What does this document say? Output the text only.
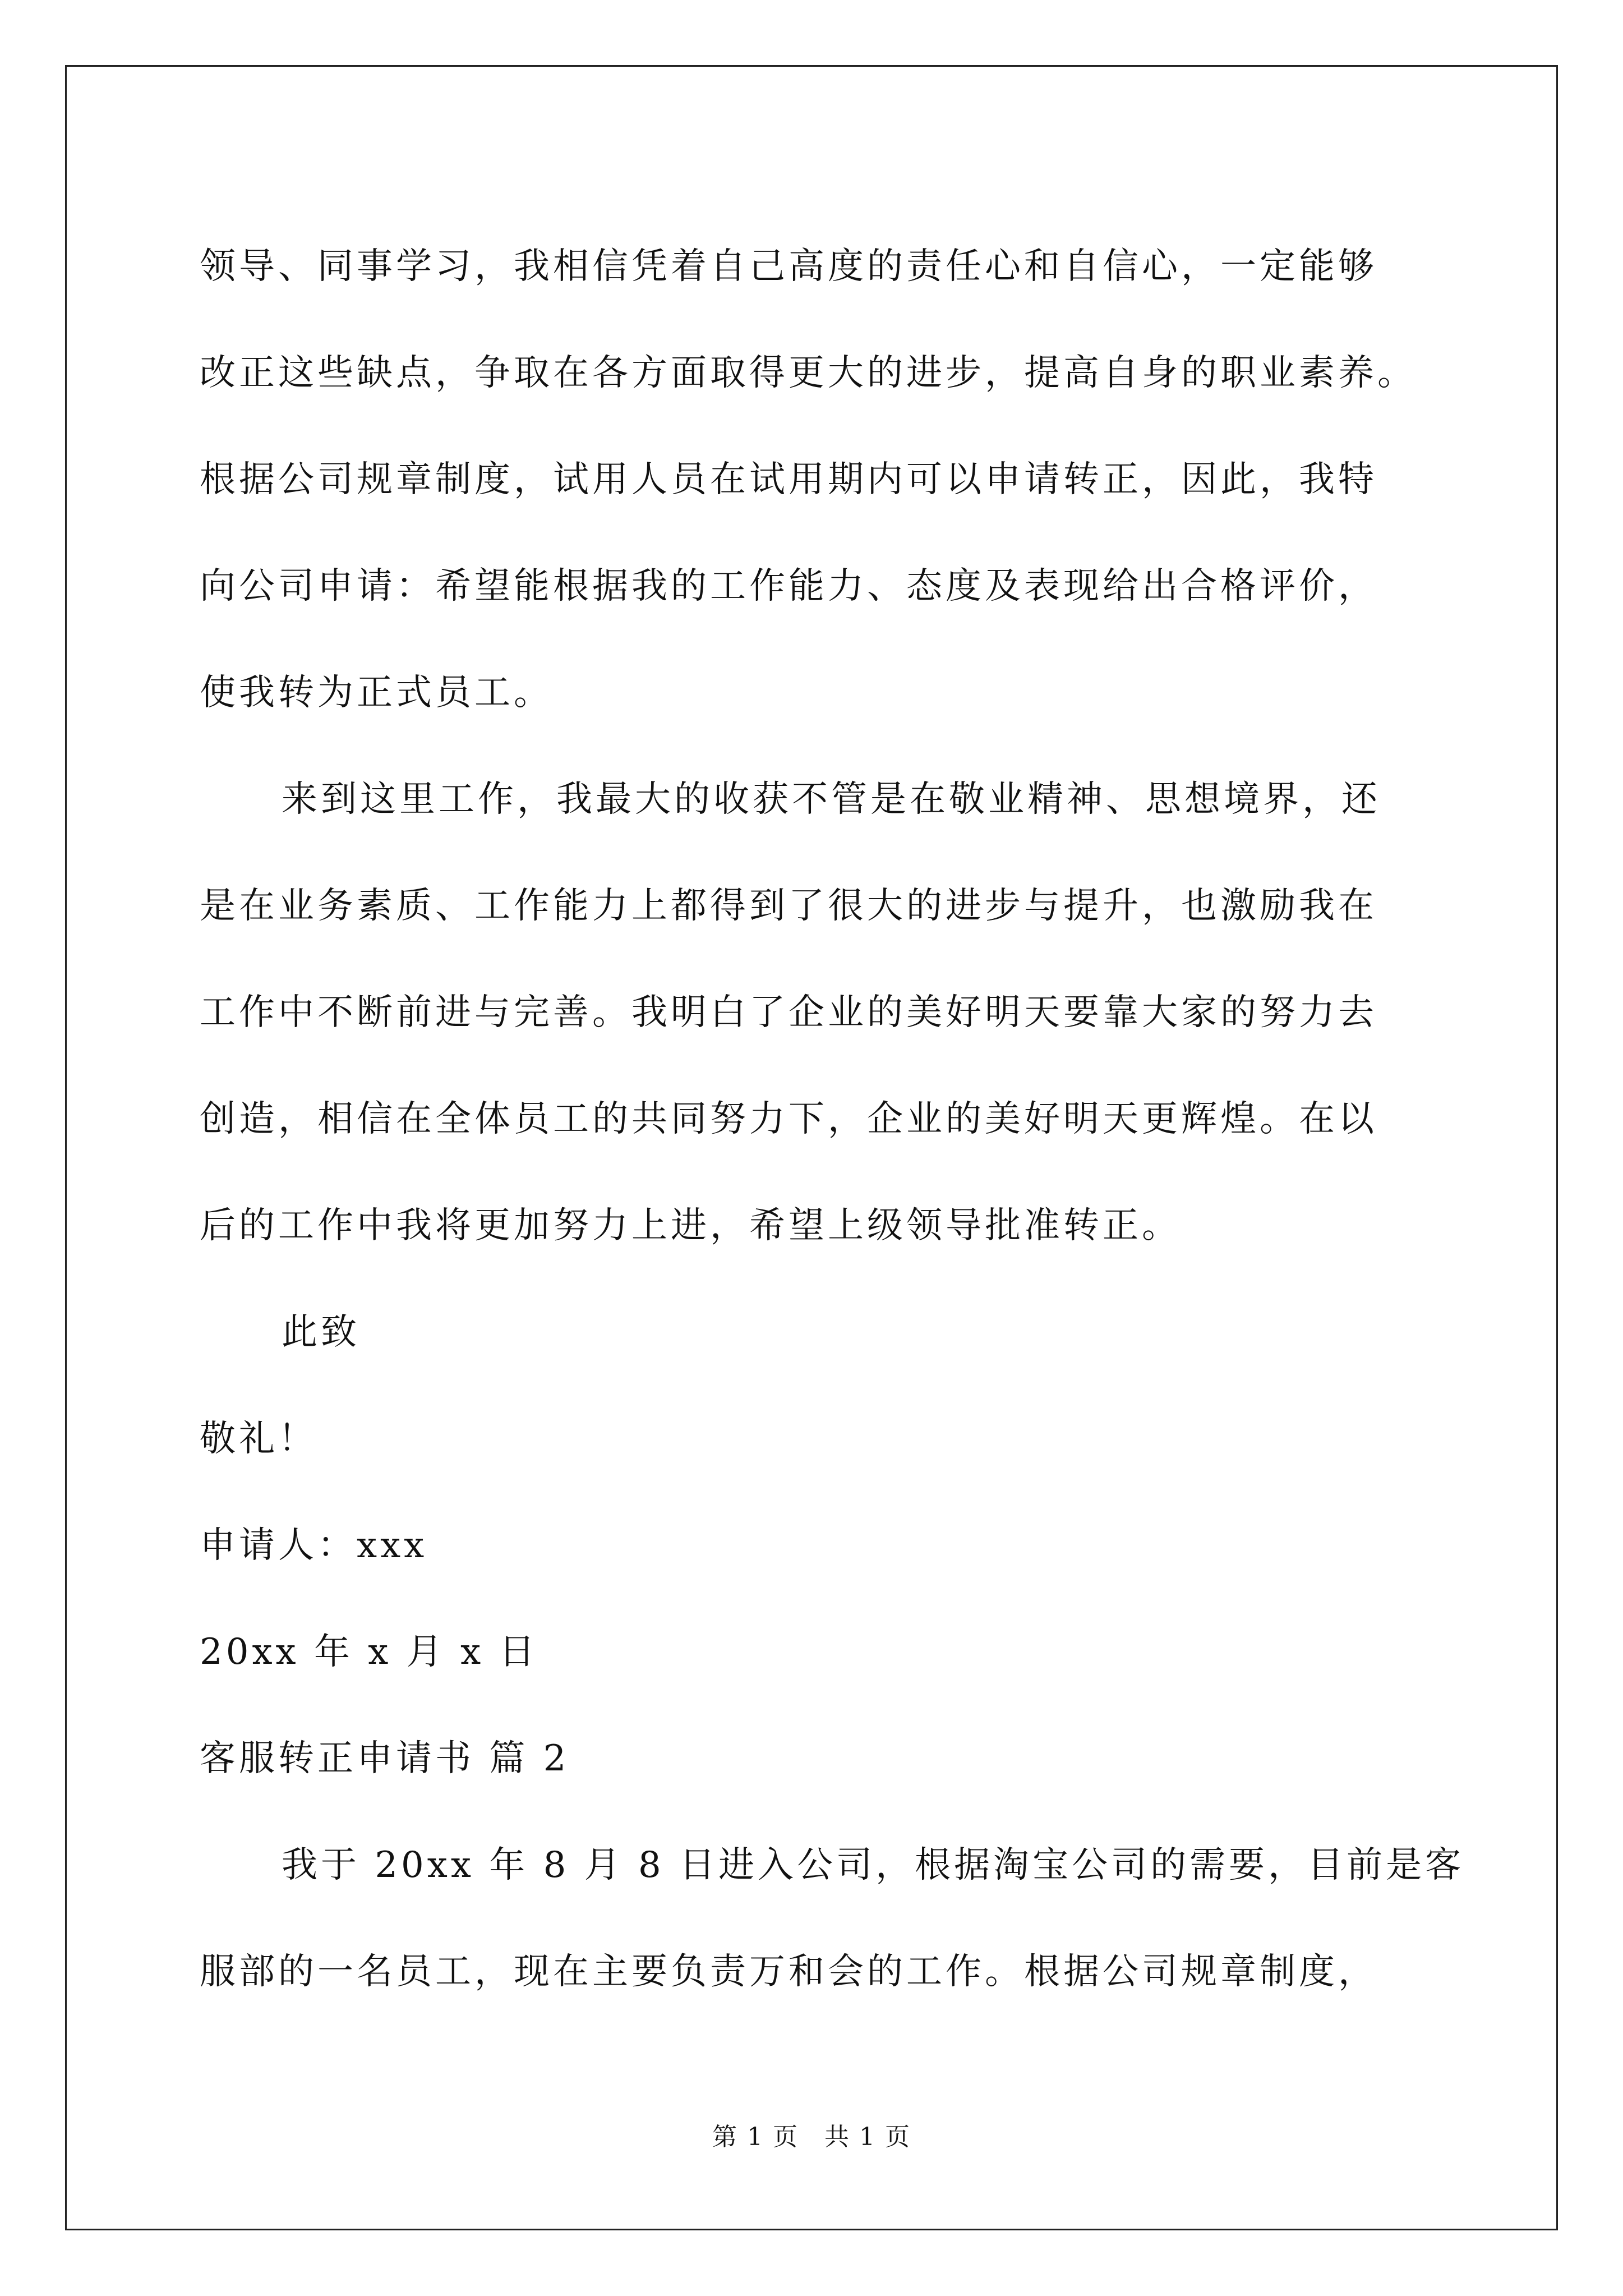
领导、同事学习，我相信凭着自己高度的责任心和自信心，一定能够
改正这些缺点，争取在各方面取得更大的进步，提高自身的职业素养。
根据公司规章制度，试用人员在试用期内可以申请转正，因此，我特
向公司申请：希望能根据我的工作能力、态度及表现给出合格评价，
使我转为正式员工。
来到这里工作，我最大的收获不管是在敬业精神、思想境界，还
是在业务素质、工作能力上都得到了很大的进步与提升，也激励我在
工作中不断前进与完善。我明白了企业的美好明天要靠大家的努力去
创造，相信在全体员工的共同努力下，企业的美好明天更辉煌。在以
后的工作中我将更加努力上进，希望上级领导批准转正。
此致
敬礼！
申请人：xxx
20xx 年 x 月 x 日
客服转正申请书 篇 2
我于 20xx 年 8 月 8 日进入公司，根据淘宝公司的需要，目前是客
服部的一名员工，现在主要负责万和会的工作。根据公司规章制度，
第 1 页　共 1 页
